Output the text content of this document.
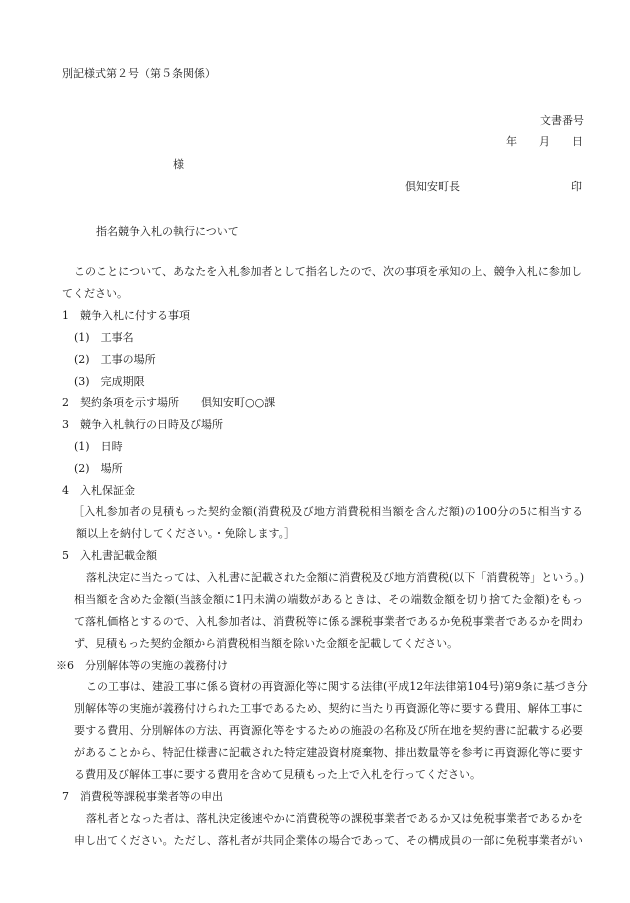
別記様式第２号（第５条関係）
文書番号
年　　月　　日
様
倶知安町長	印
指名競争入札の執行について
このことについて、あなたを入札参加者として指名したので、次の事項を承知の上、競争入札に参加し
てください。
1　競争入札に付する事項
(1)　工事名
(2)　工事の場所
(3)　完成期限
2　契約条項を示す場所　　倶知安町○○課
3　競争入札執行の日時及び場所
(1)　日時
(2)　場所
4　入札保証金
［入札参加者の見積もった契約金額(消費税及び地方消費税相当額を含んだ額)の100分の5に相当する
額以上を納付してください。・免除します。］
5　入札書記載金額
落札決定に当たっては、入札書に記載された金額に消費税及び地方消費税(以下「消費税等」という。)
相当額を含めた金額(当該金額に1円未満の端数があるときは、その端数金額を切り捨てた金額)をもっ
て落札価格とするので、入札参加者は、消費税等に係る課税事業者であるか免税事業者であるかを問わ
ず、見積もった契約金額から消費税相当額を除いた金額を記載してください。
※6　分別解体等の実施の義務付け
この工事は、建設工事に係る資材の再資源化等に関する法律(平成12年法律第104号)第9条に基づき分
別解体等の実施が義務付けられた工事であるため、契約に当たり再資源化等に要する費用、解体工事に
要する費用、分別解体の方法、再資源化等をするための施設の名称及び所在地を契約書に記載する必要
があることから、特記仕様書に記載された特定建設資材廃棄物、排出数量等を参考に再資源化等に要す
る費用及び解体工事に要する費用を含めて見積もった上で入札を行ってください。
7　消費税等課税事業者等の申出
落札者となった者は、落札決定後速やかに消費税等の課税事業者であるか又は免税事業者であるかを
申し出てください。ただし、落札者が共同企業体の場合であって、その構成員の一部に免税事業者がい
